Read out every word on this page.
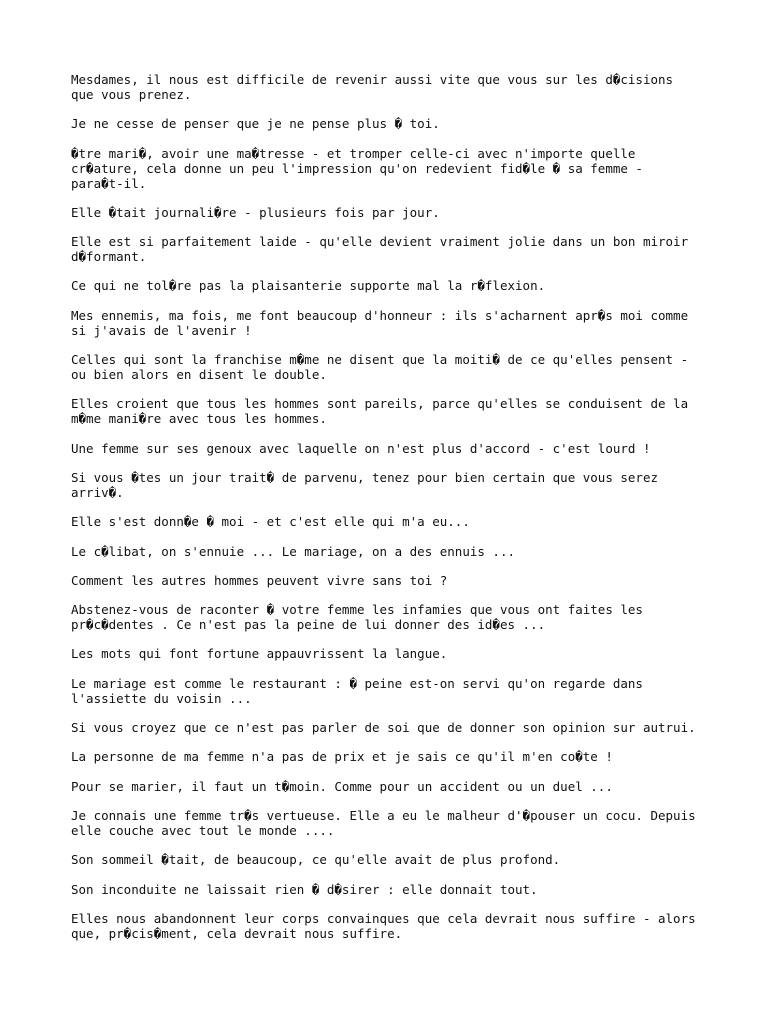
Mesdames, il nous est difficile de revenir aussi vite que vous sur les d�cisions
que vous prenez.

Je ne cesse de penser que je ne pense plus � toi.

�tre mari�, avoir une ma�tresse - et tromper celle-ci avec n'importe quelle
cr�ature, cela donne un peu l'impression qu'on redevient fid�le � sa femme -
para�t-il.

Elle �tait journali�re - plusieurs fois par jour.

Elle est si parfaitement laide - qu'elle devient vraiment jolie dans un bon miroir
d�formant.

Ce qui ne tol�re pas la plaisanterie supporte mal la r�flexion.

Mes ennemis, ma fois, me font beaucoup d'honneur : ils s'acharnent apr�s moi comme
si j'avais de l'avenir !

Celles qui sont la franchise m�me ne disent que la moiti� de ce qu'elles pensent -
ou bien alors en disent le double.

Elles croient que tous les hommes sont pareils, parce qu'elles se conduisent de la
m�me mani�re avec tous les hommes.

Une femme sur ses genoux avec laquelle on n'est plus d'accord - c'est lourd !

Si vous �tes un jour trait� de parvenu, tenez pour bien certain que vous serez
arriv�.

Elle s'est donn�e � moi - et c'est elle qui m'a eu...

Le c�libat, on s'ennuie ... Le mariage, on a des ennuis ...

Comment les autres hommes peuvent vivre sans toi ?

Abstenez-vous de raconter � votre femme les infamies que vous ont faites les
pr�c�dentes . Ce n'est pas la peine de lui donner des id�es ...

Les mots qui font fortune appauvrissent la langue.

Le mariage est comme le restaurant : � peine est-on servi qu'on regarde dans
l'assiette du voisin ...

Si vous croyez que ce n'est pas parler de soi que de donner son opinion sur autrui.

La personne de ma femme n'a pas de prix et je sais ce qu'il m'en co�te !

Pour se marier, il faut un t�moin. Comme pour un accident ou un duel ...

Je connais une femme tr�s vertueuse. Elle a eu le malheur d'�pouser un cocu. Depuis
elle couche avec tout le monde ....

Son sommeil �tait, de beaucoup, ce qu'elle avait de plus profond.

Son inconduite ne laissait rien � d�sirer : elle donnait tout.

Elles nous abandonnent leur corps convainques que cela devrait nous suffire - alors
que, pr�cis�ment, cela devrait nous suffire.
